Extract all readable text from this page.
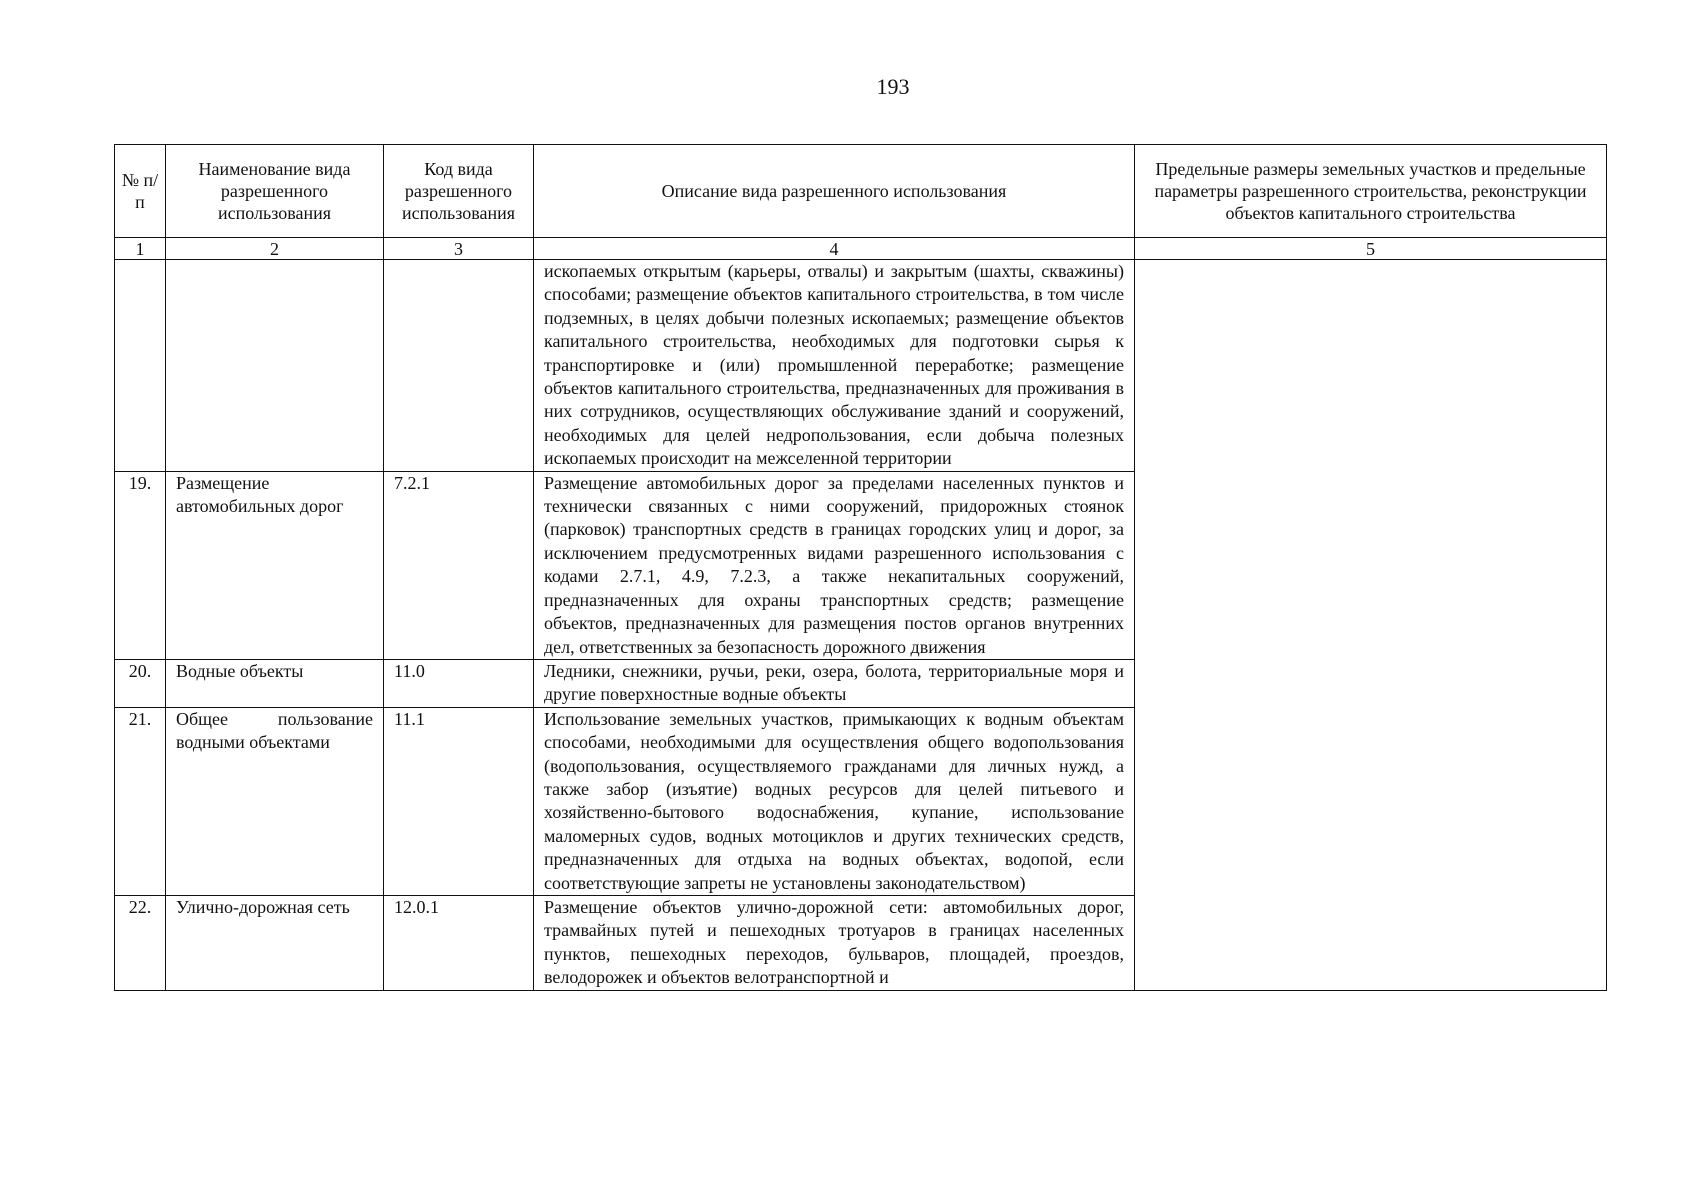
193
№ п/п	Наименование вида разрешенного использования	Код вида разрешенного использования	Описание вида разрешенного использования	Предельные размеры земельных участков и предельные параметры разрешенного строительства, реконструкции объектов капитального строительства
1	2	3	4	5
			ископаемых открытым (карьеры, отвалы) и закрытым (шахты, скважины) способами; размещение объектов капитального строительства, в том числе подземных, в целях добычи полезных ископаемых; размещение объектов капитального строительства, необходимых для подготовки сырья к транспортировке и (или) промышленной переработке; размещение объектов капитального строительства, предназначенных для проживания в них сотрудников, осуществляющих обслуживание зданий и сооружений, необходимых для целей недропользования, если добыча полезных ископаемых происходит на межселенной территории	
19.	Размещение автомобильных дорог	7.2.1	Размещение автомобильных дорог за пределами населенных пунктов и технически связанных с ними сооружений, придорожных стоянок (парковок) транспортных средств в границах городских улиц и дорог, за исключением предусмотренных видами разрешенного использования с кодами 2.7.1, 4.9, 7.2.3, а также некапитальных сооружений, предназначенных для охраны транспортных средств; размещение объектов, предназначенных для размещения постов органов внутренних дел, ответственных за безопасность дорожного движения	
20.	Водные объекты	11.0	Ледники, снежники, ручьи, реки, озера, болота, территориальные моря и другие поверхностные водные объекты	
21.	Общее пользование водными объектами	11.1	Использование земельных участков, примыкающих к водным объектам способами, необходимыми для осуществления общего водопользования (водопользования, осуществляемого гражданами для личных нужд, а также забор (изъятие) водных ресурсов для целей питьевого и хозяйственно-бытового водоснабжения, купание, использование маломерных судов, водных мотоциклов и других технических средств, предназначенных для отдыха на водных объектах, водопой, если соответствующие запреты не установлены законодательством)	
22.	Улично-дорожная сеть	12.0.1	Размещение объектов улично-дорожной сети: автомобильных дорог, трамвайных путей и пешеходных тротуаров в границах населенных пунктов, пешеходных переходов, бульваров, площадей, проездов, велодорожек и объектов велотранспортной и	
